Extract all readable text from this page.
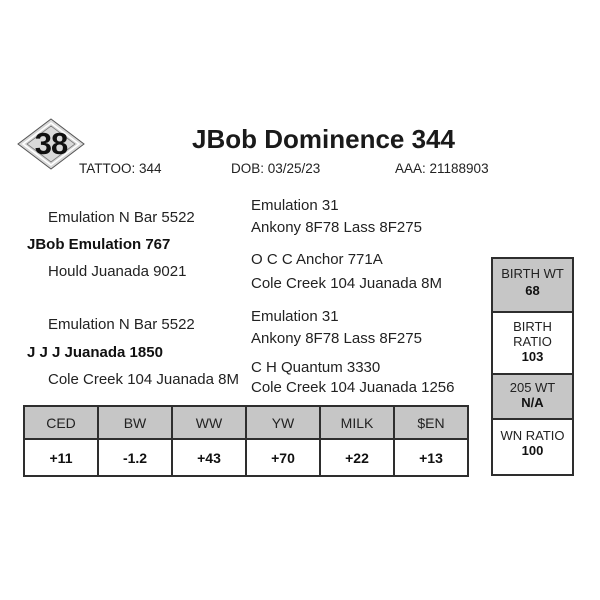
38	JBob Dominence 344
TATTOO: 344	DOB: 03/25/23	AAA: 21188903
Emulation N Bar 5522
JBob Emulation 767
Hould Juanada 9021
Emulation 31
Ankony 8F78 Lass 8F275
O C C Anchor 771A
Cole Creek 104 Juanada 8M
Emulation N Bar 5522
J J J Juanada 1850
Cole Creek 104 Juanada 8M
Emulation 31
Ankony 8F78 Lass 8F275
C H Quantum 3330
Cole Creek 104 Juanada 1256
CED	BW	WW	YW	MILK	$EN
+11	-1.2	+43	+70	+22	+13
BIRTH WT
68
BIRTH
RATIO
103
205 WT
N/A
WN RATIO
100
